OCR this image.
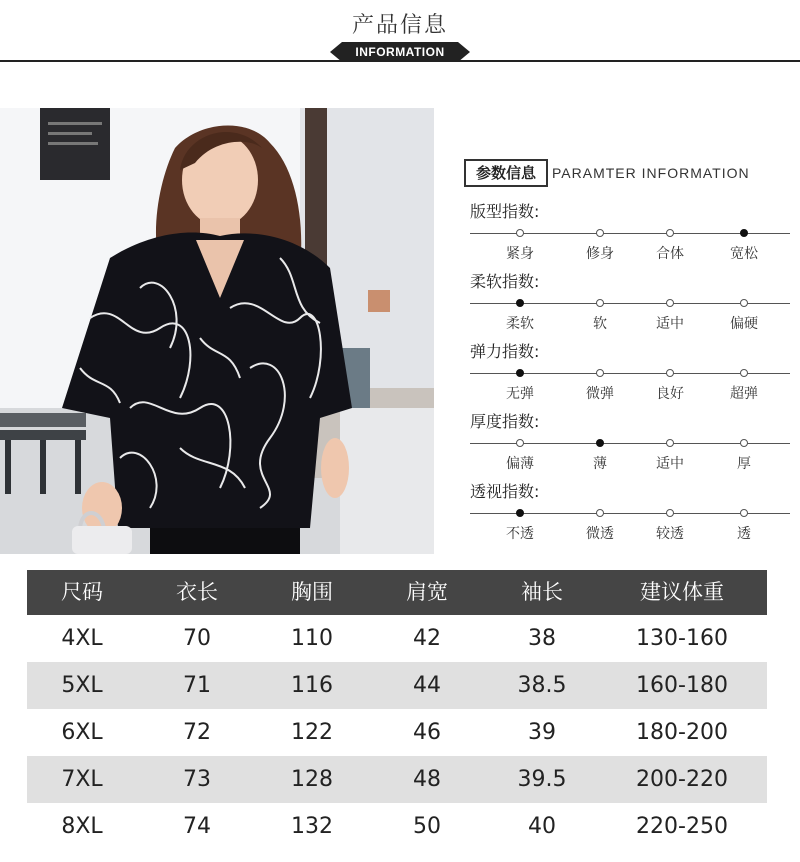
产品信息
INFORMATION
参数信息	PARAMTER INFORMATION
版型指数:
紧身	修身	合体	宽松
柔软指数:
柔软	软	适中	偏硬
弹力指数:
无弹	微弹	良好	超弹
厚度指数:
偏薄	薄	适中	厚
透视指数:
不透	微透	较透	透
尺码	衣长	胸围	肩宽	袖长	建议体重
4XL	70	110	42	38	130-160
5XL	71	116	44	38.5	160-180
6XL	72	122	46	39	180-200
7XL	73	128	48	39.5	200-220
8XL	74	132	50	40	220-250
